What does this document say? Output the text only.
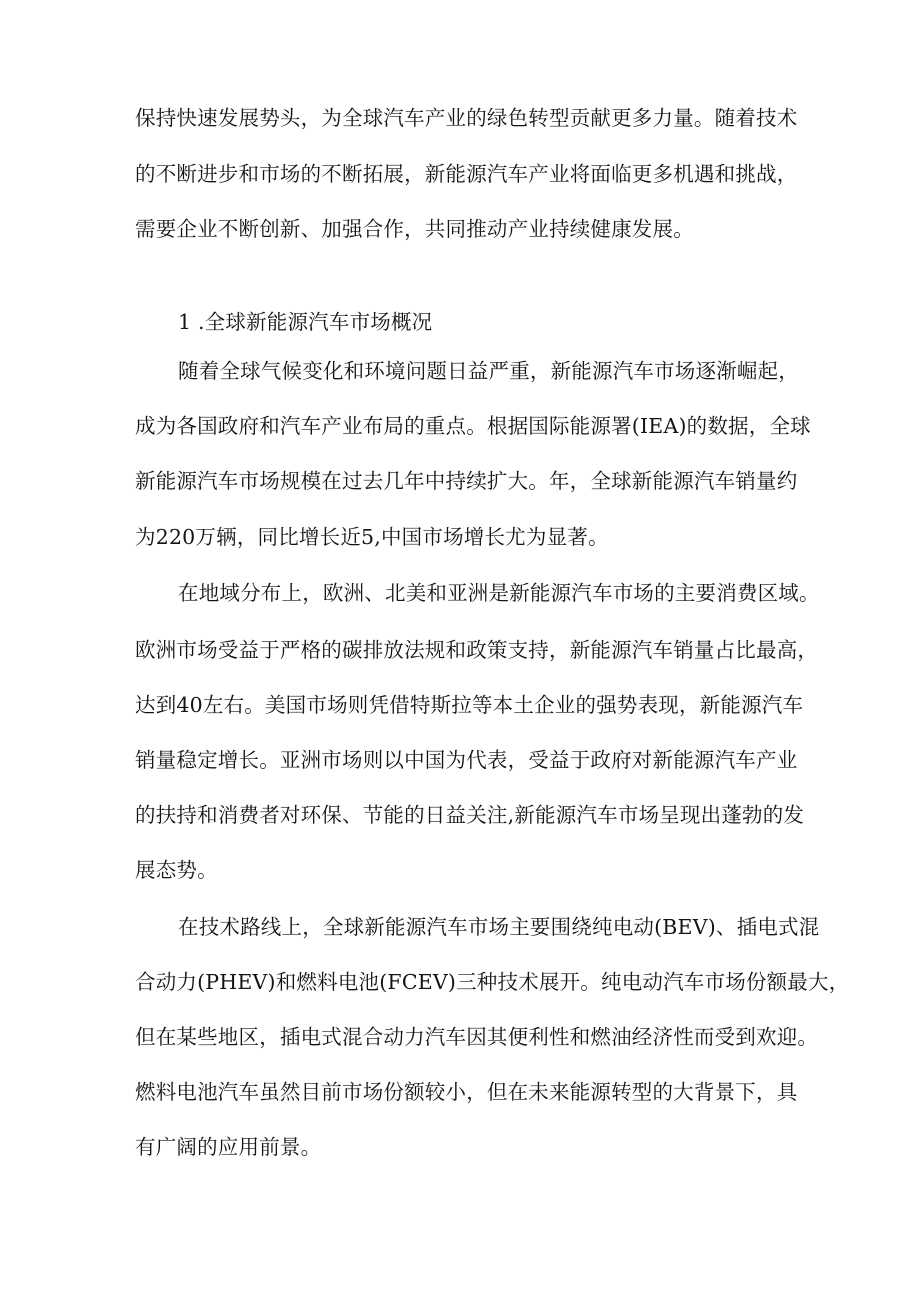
保持快速发展势头，为全球汽车产业的绿色转型贡献更多力量。随着技术

的不断进步和市场的不断拓展，新能源汽车产业将面临更多机遇和挑战，

需要企业不断创新、加强合作，共同推动产业持续健康发展。

1 .全球新能源汽车市场概况

随着全球气候变化和环境问题日益严重，新能源汽车市场逐渐崛起，

成为各国政府和汽车产业布局的重点。根据国际能源署(IEA)的数据，全球

新能源汽车市场规模在过去几年中持续扩大。年，全球新能源汽车销量约

为220万辆，同比增长近5,中国市场增长尤为显著。

在地域分布上，欧洲、北美和亚洲是新能源汽车市场的主要消费区域。

欧洲市场受益于严格的碳排放法规和政策支持，新能源汽车销量占比最高，

达到40左右。美国市场则凭借特斯拉等本土企业的强势表现，新能源汽车

销量稳定增长。亚洲市场则以中国为代表，受益于政府对新能源汽车产业

的扶持和消费者对环保、节能的日益关注,新能源汽车市场呈现出蓬勃的发

展态势。

在技术路线上，全球新能源汽车市场主要围绕纯电动(BEV)、插电式混

合动力(PHEV)和燃料电池(FCEV)三种技术展开。纯电动汽车市场份额最大，

但在某些地区，插电式混合动力汽车因其便利性和燃油经济性而受到欢迎。

燃料电池汽车虽然目前市场份额较小，但在未来能源转型的大背景下，具

有广阔的应用前景。
